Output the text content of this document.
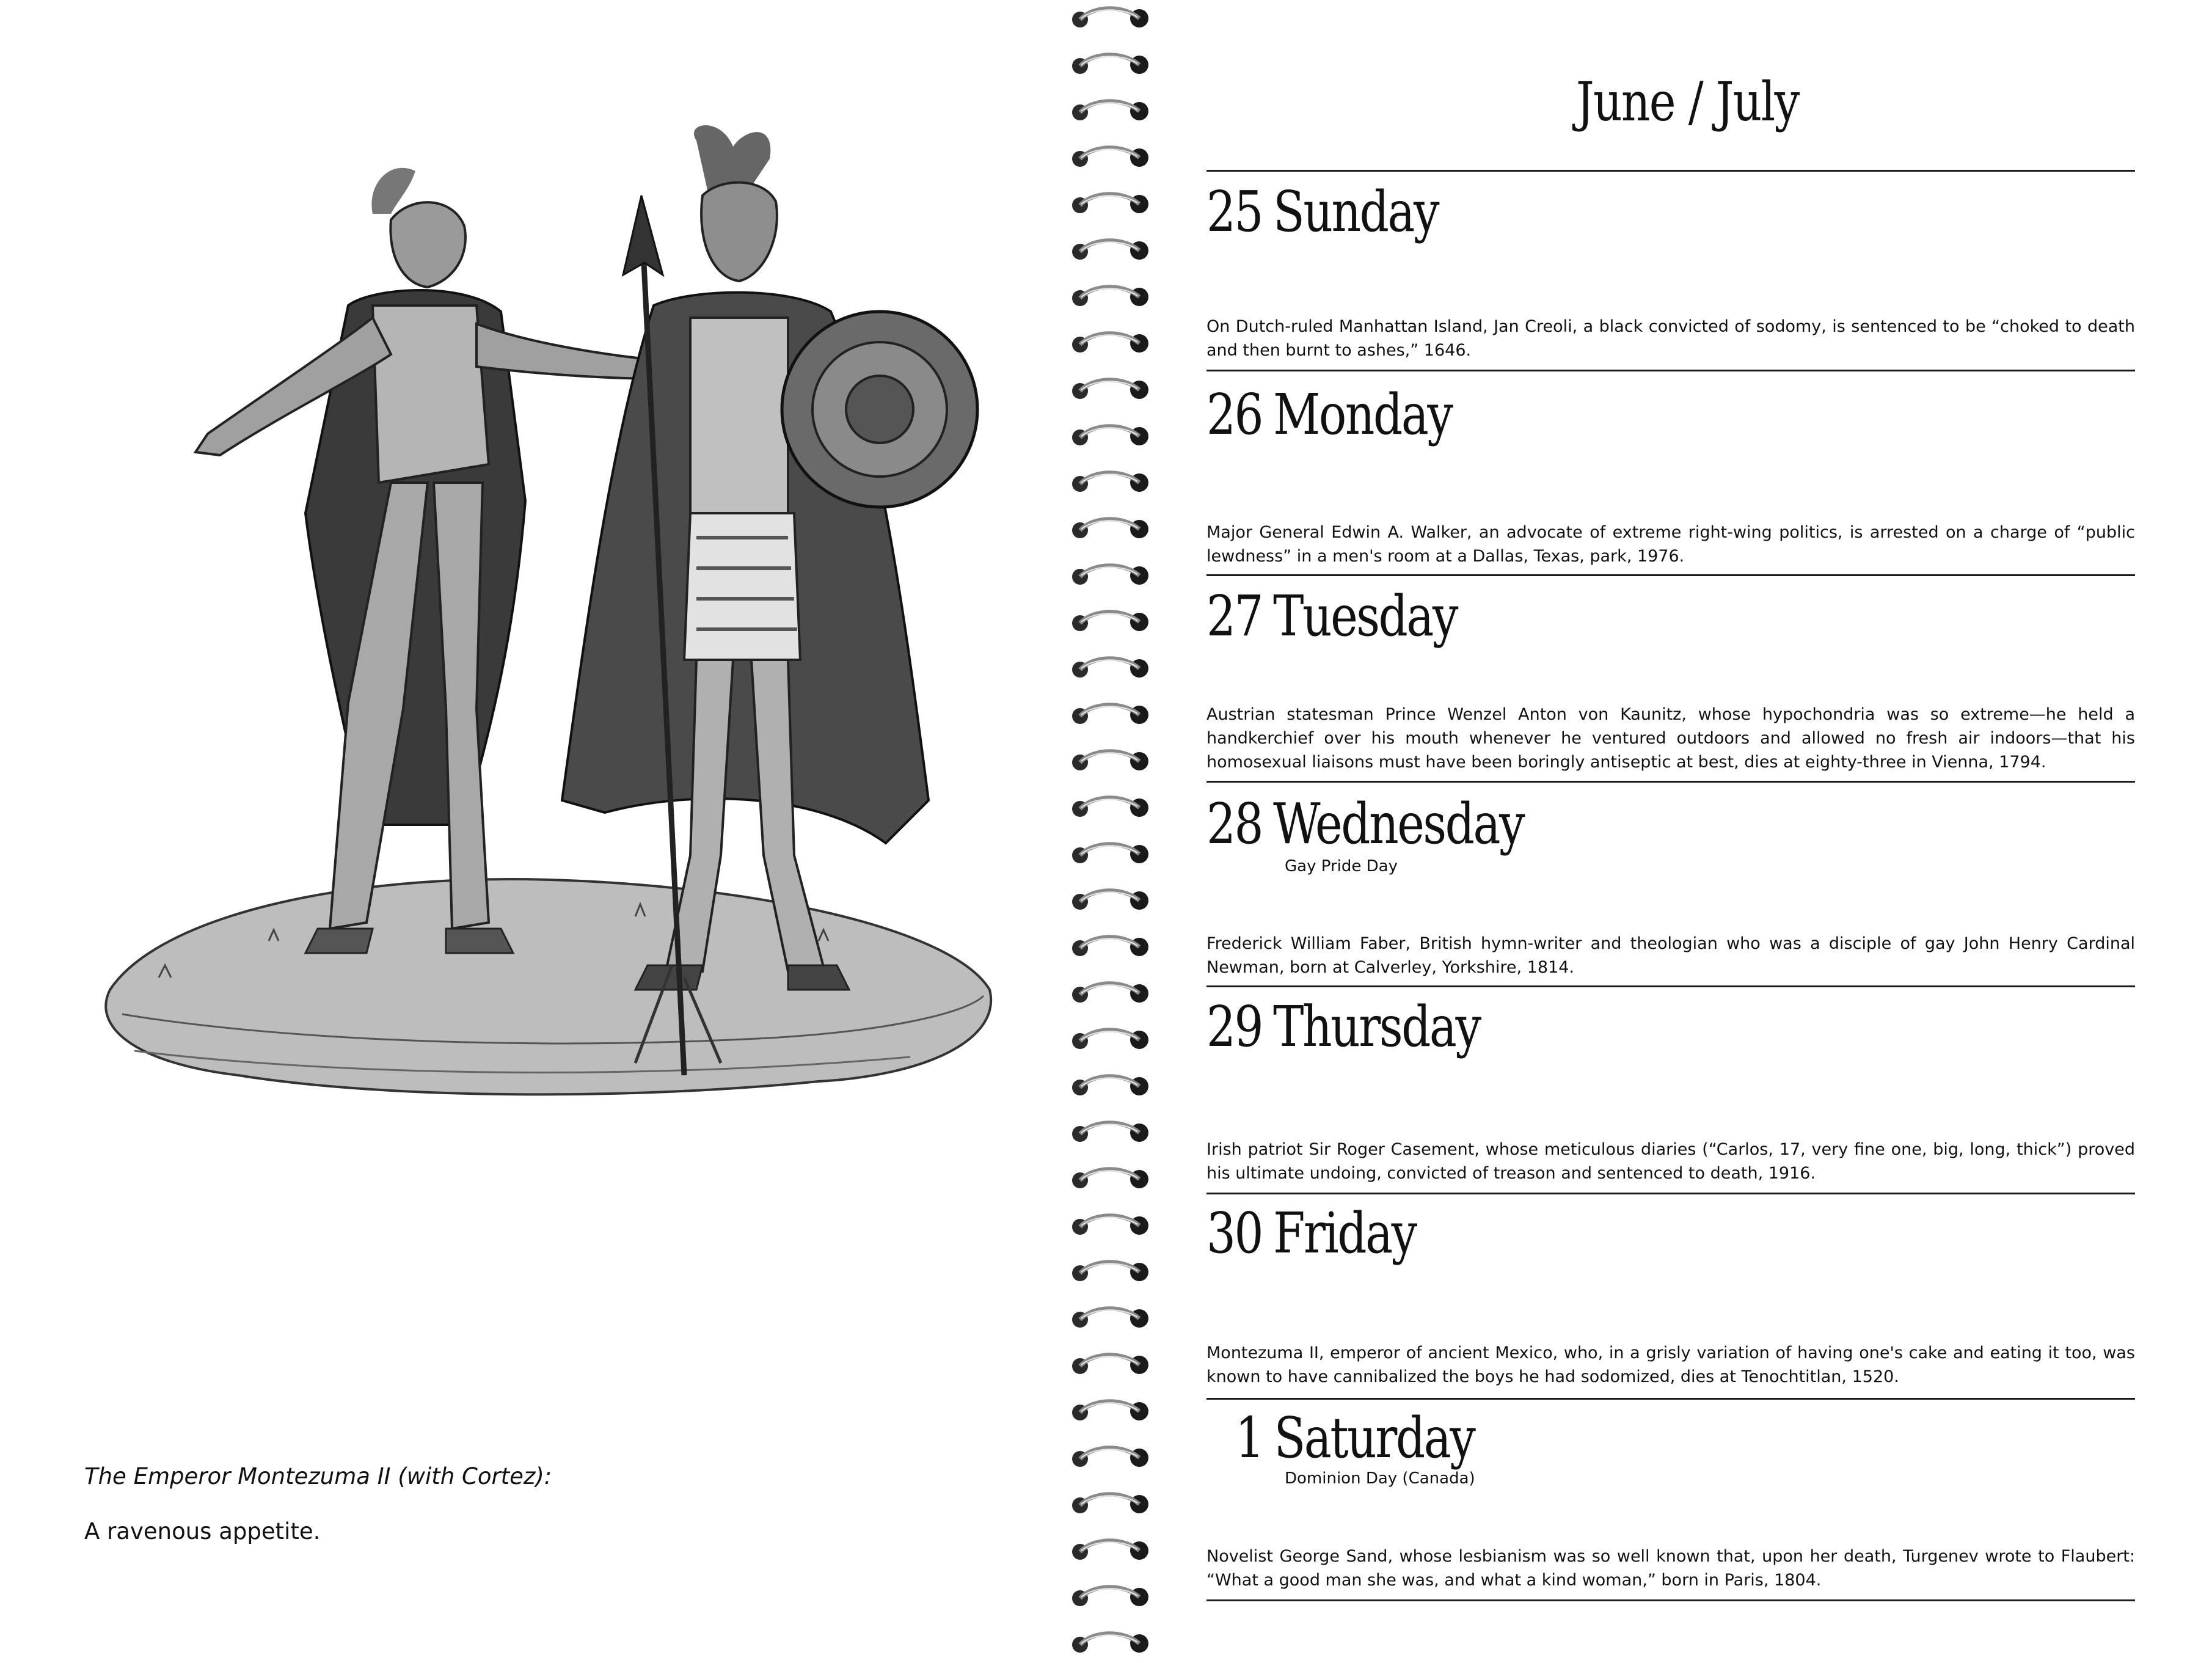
The Emperor Montezuma II (with Cortez):

A ravenous appetite.

June / July
25 Sunday

On Dutch-ruled Manhattan Island, Jan Creoli, a black convicted of sodomy, is sentenced to be “choked to death and then burnt to ashes,” 1646.

26 Monday

Major General Edwin A. Walker, an advocate of extreme right-wing politics, is arrested on a charge of “public lewdness” in a men's room at a Dallas, Texas, park, 1976.

27 Tuesday

Austrian statesman Prince Wenzel Anton von Kaunitz, whose hypochondria was so extreme—he held a handkerchief over his mouth whenever he ventured outdoors and allowed no fresh air indoors—that his homosexual liaisons must have been boringly antiseptic at best, dies at eighty-three in Vienna, 1794.

28 Wednesday

Gay Pride Day

Frederick William Faber, British hymn-writer and theologian who was a disciple of gay John Henry Cardinal Newman, born at Calverley, Yorkshire, 1814.

29 Thursday

Irish patriot Sir Roger Casement, whose meticulous diaries (“Carlos, 17, very fine one, big, long, thick”) proved his ultimate undoing, convicted of treason and sentenced to death, 1916.

30 Friday

Montezuma II, emperor of ancient Mexico, who, in a grisly variation of having one's cake and eating it too, was known to have cannibalized the boys he had sodomized, dies at Tenochtitlan, 1520.

1 Saturday

Dominion Day (Canada)

Novelist George Sand, whose lesbianism was so well known that, upon her death, Turgenev wrote to Flaubert: “What a good man she was, and what a kind woman,” born in Paris, 1804.
